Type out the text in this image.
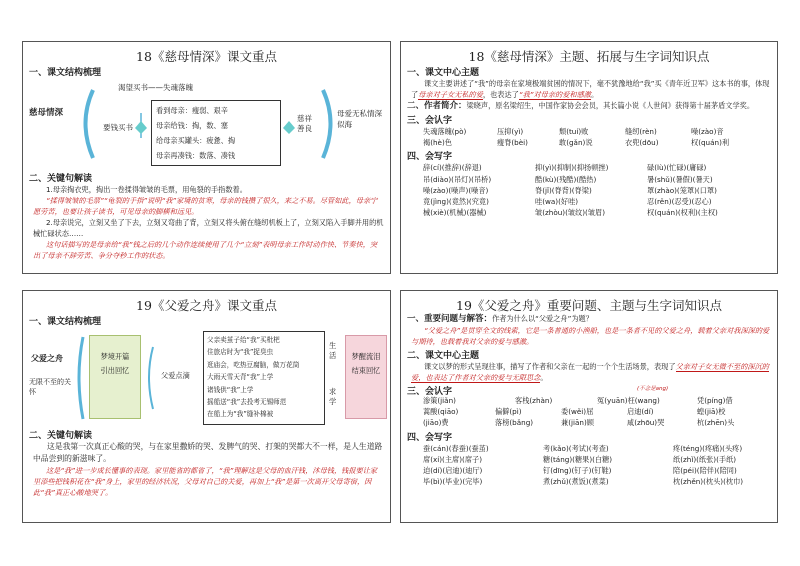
18《慈母情深》课文重点
一、课文结构梳理
慈母情深
渴望买书——失魂落魄
要钱买书
看到母亲：瘦弱、艰辛
母亲给钱：掏，数、塞
给母亲买罐头：疲惫、掏
母亲再凑钱：数落、凑钱
慈祥善良
母爱无私情深似海
二、关键句解读
1.母亲掏衣兜，掏出一卷揉得皱皱的毛票，用龟裂的手指数着。
“揉得皱皱的毛票”“龟裂的手指”说明“我”家境的贫寒，母亲的钱攒了很久，来之不易。尽管如此，母亲宁愿劳苦，也要让孩子读书，可见母亲的脚横和远见。
2.母亲说完，立刻又坐了下去，立刻又弯曲了背，立刻又将头俯在缝纫机板上了，立刻又陷入手脚并用的机械忙碌状态……
这句话描写的是母亲给“我”钱之后的几个动作连续使用了几个“立刻”表明母亲工作时动作快、节奏快，突出了母亲不辞劳苦、争分夺秒工作的状态。
18《慈母情深》主题、拓展与生字词知识点
一、课文中心主题
课文主要讲述了“我”的母亲在家境极端贫困的情况下，毫不犹豫地给“我”买《青年近卫军》这本书的事，体现了母亲对子女无私的爱，也表达了“我”对母亲的爱和感激。
二、作者简介：梁晓声，原名梁绍生，中国作家协会会员，其长篇小说《人世间》获得第十届茅盾文学奖。
三、会认字
失魂落魄(pò)	压抑(yì)	颓(tuí)败	缝纫(rèn)	噪(zào)音
褐(hè)色	瘦脊(bèi)	敢(gǎn)说	衣兜(dōu)	权(quán)利
四、会写字
辞(cí)(推辞)(辞退)	抑(yì)(抑制)(抑扬顿挫)	碌(lù)(忙碌)(庸碌)
吊(diào)(吊灯)(吊桥)	酷(kù)(残酷)(酷热)	暑(shǔ)(暑假)(暑天)
噪(zào)(噪声)(噪音)	脊(jǐ)(脊背)(脊梁)	罩(zhào)(笼罩)(口罩)
竟(jìng)(竟然)(究竟)	哇(wa)(好哇)	忍(rěn)(忍受)(忍心)
械(xiè)(机械)(器械)	皱(zhòu)(皱纹)(皱眉)	权(quán)(权利)(主权)
19《父爱之舟》课文重点
一、课文结构梳理
父爱之舟
无限不至的关怀
梦境开篇 引出回忆
父爱点滴
父亲卖茧子给“我”买枇杷
住旅店时为“我”捉臭虫
逛庙会，吃热豆腐脑，做万花筒
大雨天雪天背“我”上学
诸钱供“我”上学
摇船送“我”去投考无锡师范
在船上为“我”缝补棉被
生活
求学
梦醒流泪 结束回忆
二、关键句解读
这是我第一次真正心酸的哭，与在家里撒娇的哭、发脾气的哭、打架的哭都大不一样，是人生道路中品尝到的新滋味了。
这是“我”进一步成长懂事的表现。家里能省的都省了，“我”理解这是父母的血汗钱，沐母钱，钱报要让家里添些把钱积花在“我”身上，家里的经济状况，父母对自己的关爱，再加上“我”是第一次离开父母寄宿，因此“我”真正心酸地哭了。
19《父爱之舟》重要问题、主题与生字词知识点
一、重要问题与解答：作者为什么以“父爱之舟”为题？
“父爱之舟”是贯穿全文的线索，它是一条普通的小渔船，也是一条者不见的父爱之舟，载着父亲对我深深的爱与期待，也载着我对父亲的爱与感激。
二、课文中心主题
课文以梦的形式呈现往事，描写了作者和父亲在一起的一个个生活场景，表现了父亲对子女无微不至的深沉的爱，也表达了作者对父亲的爱与无限思念。
三、会认字	(不念是ang)
渗策(jiǎn)	客栈(zhàn)	冤(yuān)枉(wang)	凭(píng)借
蒿酸(qiāo)	偏僻(pì)	委(wěi)屈	启迪(dí)	蝗(jiā)校
(jiāo)费	落榜(bǎng)	兼(jiān)顾	咸(zhōu)哭	杭(zhēn)头
四、会写字
蚕(cán)(春蚕)(蚕茧)	考(kǎo)(考试)(考查)	疼(téng)(疼痛)(头疼)
席(xí)(主席)(席子)	糖(táng)(糖果)(白糖)	纸(zhǐ)(纸张)(手纸)
迫(dí)(启迪)(迪厅)	钉(dīng)(钉子)(钉鞋)	陪(péi)(陪伴)(陪同)
毕(bì)(毕业)(完毕)	煮(zhǔ)(煮饭)(煮菜)	枕(zhěn)(枕头)(枕巾)
